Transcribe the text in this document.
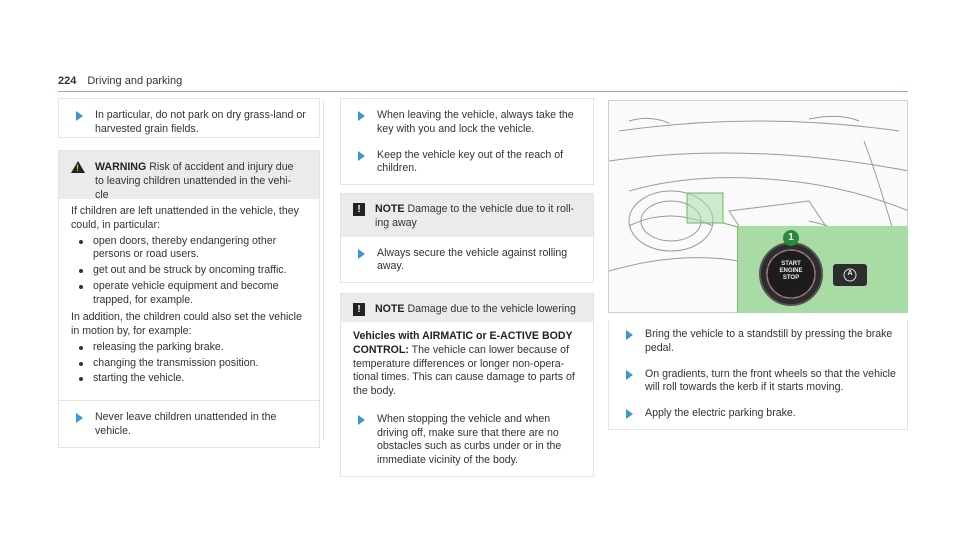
224 Driving and parking
In particular, do not park on dry grass-land or harvested grain fields.
!
WARNING Risk of accident and injury due
to leaving children unattended in the vehi-
cle

If children are left unattended in the vehicle, they could, in particular:

open doors, thereby endangering other persons or road users.
get out and be struck by oncoming traffic.
operate vehicle equipment and become trapped, for example.

In addition, the children could also set the vehicle in motion by, for example:

releasing the parking brake.
changing the transmission position.
starting the vehicle.
Never leave children unattended in the vehicle.
When leaving the vehicle, always take the key with you and lock the vehicle.
Keep the vehicle key out of the reach of children.
!	NOTE Damage to the vehicle due to it roll-ing away
Always secure the vehicle against rolling away.
!	NOTE Damage due to the vehicle lowering
Vehicles with AIRMATIC or E-ACTIVE BODY CONTROL: The vehicle can lower because of temperature differences or longer non-opera-tional times. This can cause damage to parts of the body.
When stopping the vehicle and when driving off, make sure that there are no obstacles such as curbs under or in the immediate vicinity of the body.
1
START
ENGINE
STOP
A
Bring the vehicle to a standstill by pressing the brake pedal.
On gradients, turn the front wheels so that the vehicle will roll towards the kerb if it starts moving.
Apply the electric parking brake.
